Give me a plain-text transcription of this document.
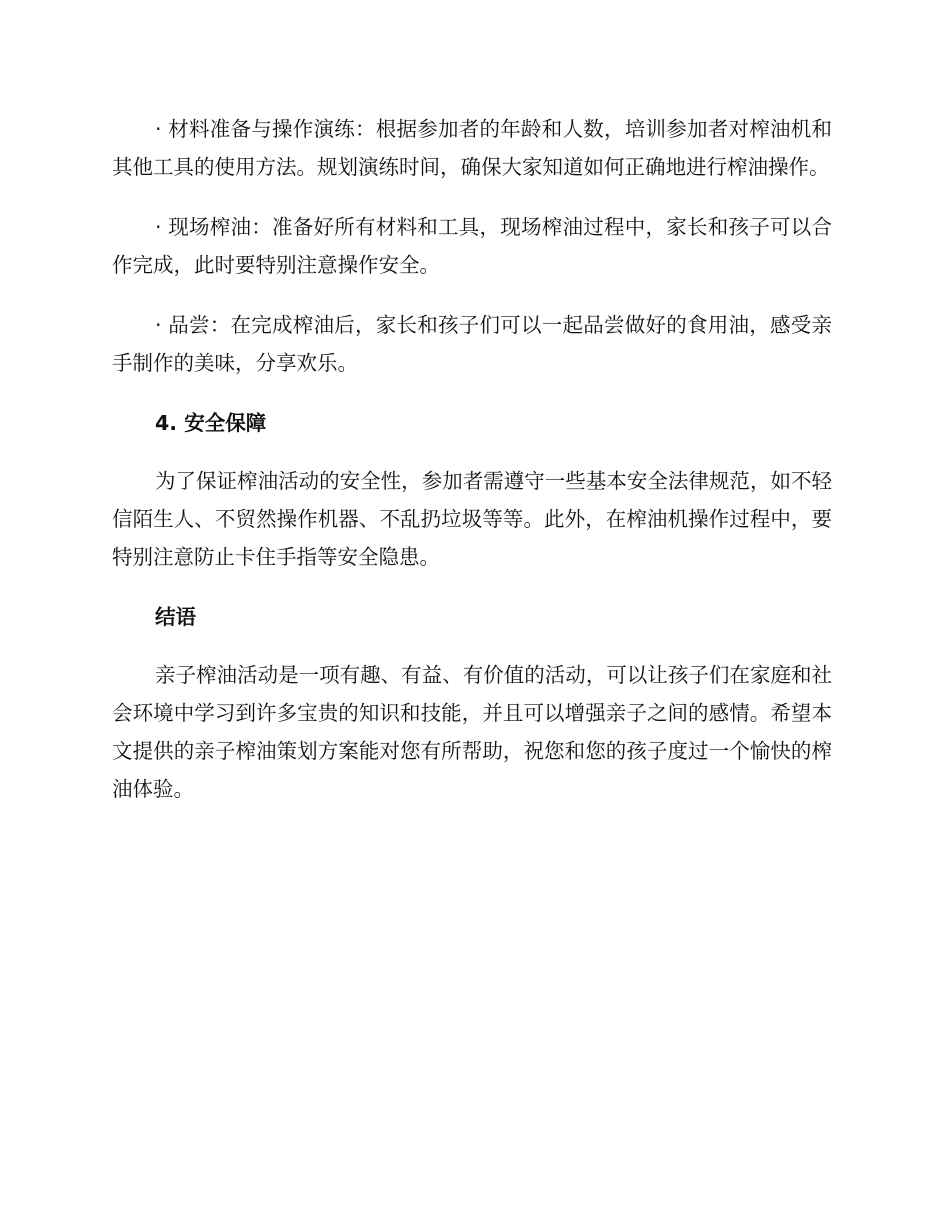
· 材料准备与操作演练：根据参加者的年龄和人数，培训参加者对榨油机和其他工具的使用方法。规划演练时间，确保大家知道如何正确地进行榨油操作。

· 现场榨油：准备好所有材料和工具，现场榨油过程中，家长和孩子可以合作完成，此时要特别注意操作安全。

· 品尝：在完成榨油后，家长和孩子们可以一起品尝做好的食用油，感受亲手制作的美味，分享欢乐。

4. 安全保障

为了保证榨油活动的安全性，参加者需遵守一些基本安全法律规范，如不轻信陌生人、不贸然操作机器、不乱扔垃圾等等。此外，在榨油机操作过程中，要特别注意防止卡住手指等安全隐患。

结语

亲子榨油活动是一项有趣、有益、有价值的活动，可以让孩子们在家庭和社会环境中学习到许多宝贵的知识和技能，并且可以增强亲子之间的感情。希望本文提供的亲子榨油策划方案能对您有所帮助，祝您和您的孩子度过一个愉快的榨油体验。
